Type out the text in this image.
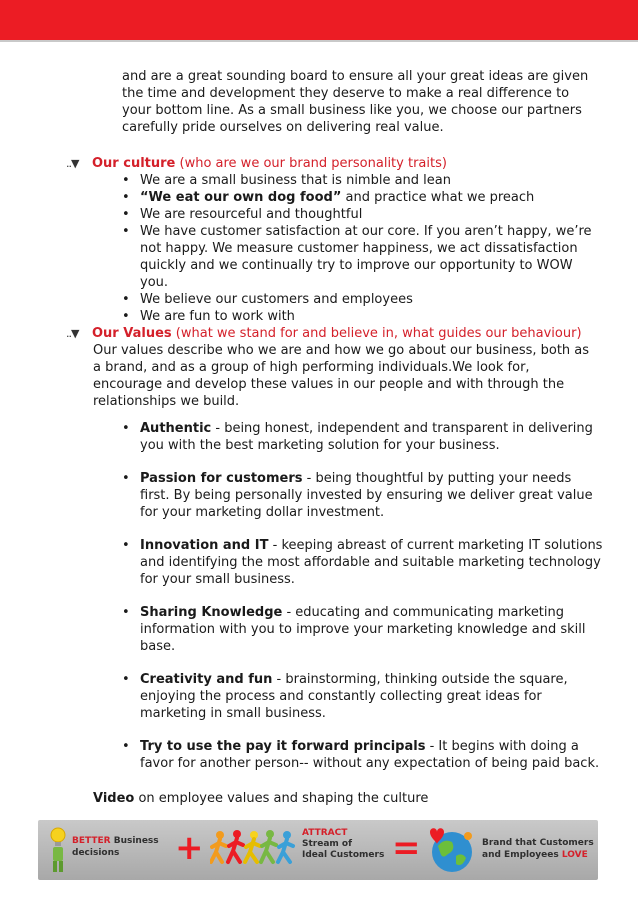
and are a great sounding board to ensure all your great ideas are given
the time and development they deserve to make a real difference to
your bottom line. As a small business like you, we choose our partners
carefully pride ourselves on delivering real value.
..▼ Our culture (who are we our brand personality traits)
• We are a small business that is nimble and lean
• “We eat our own dog food” and practice what we preach
• We are resourceful and thoughtful
• We have customer satisfaction at our core. If you aren’t happy, we’re not happy. We measure customer happiness, we act dissatisfaction quickly and we continually try to improve our opportunity to WOW you.
• We believe our customers and employees
• We are fun to work with
..▼ Our Values (what we stand for and believe in, what guides our behaviour)
Our values describe who we are and how we go about our business, both as a brand, and as a group of high performing individuals.We look for, encourage and develop these values in our people and with through the relationships we build.
• Authentic - being honest, independent and transparent in delivering you with the best marketing solution for your business.
• Passion for customers - being thoughtful by putting your needs first. By being personally invested by ensuring we deliver great value for your marketing dollar investment.
• Innovation and IT - keeping abreast of current marketing IT solutions and identifying the most affordable and suitable marketing technology for your small business.
• Sharing Knowledge - educating and communicating marketing information with you to improve your marketing knowledge and skill base.
• Creativity and fun - brainstorming, thinking outside the square, enjoying the process and constantly collecting great ideas for marketing in small business.
• Try to use the pay it forward principals - It begins with doing a favor for another person-- without any expectation of being paid back.
Video on employee values and shaping the culture
BETTER Business
decisions	+	ATTRACT
Stream of
Ideal Customers =	Brand that Customers
and Employees LOVE
